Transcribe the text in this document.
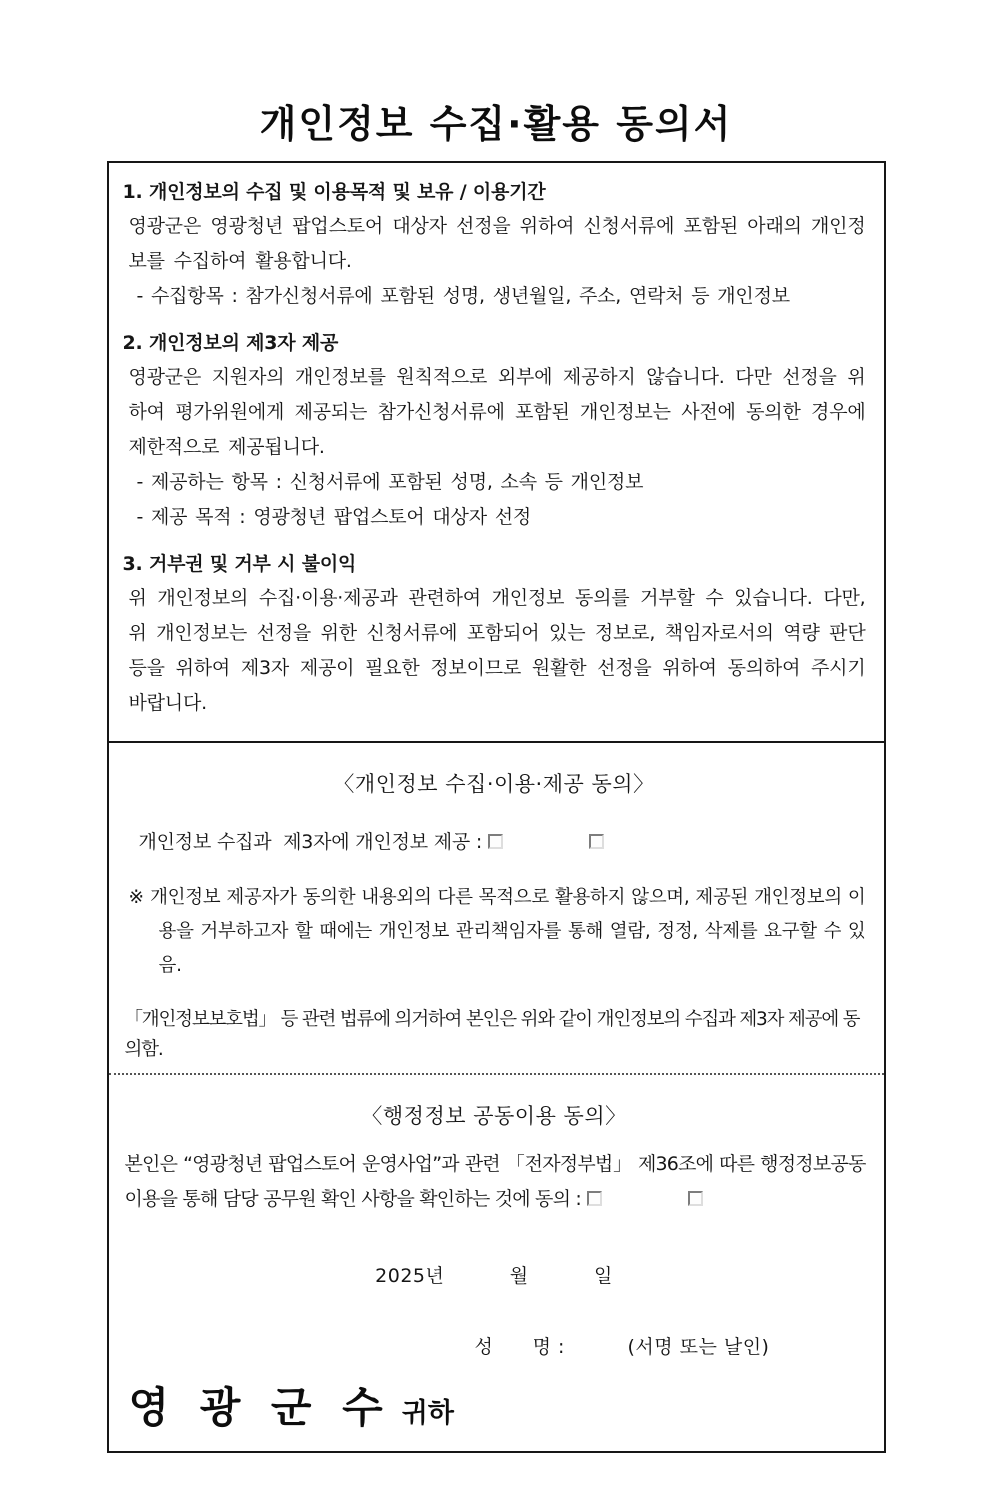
개인정보 수집·활용 동의서

1. 개인정보의 수집 및 이용목적 및 보유 / 이용기간

영광군은 영광청년 팝업스토어 대상자 선정을 위하여 신청서류에 포함된 아래의 개인정보를 수집하여 활용합니다.

- 수집항목 : 참가신청서류에 포함된 성명, 생년월일, 주소, 연락처 등 개인정보

2. 개인정보의 제3자 제공

영광군은 지원자의 개인정보를 원칙적으로 외부에 제공하지 않습니다. 다만 선정을 위하여 평가위원에게 제공되는 참가신청서류에 포함된 개인정보는 사전에 동의한 경우에 제한적으로 제공됩니다.

- 제공하는 항목 : 신청서류에 포함된 성명, 소속 등 개인정보

- 제공 목적 : 영광청년 팝업스토어 대상자 선정

3. 거부권 및 거부 시 불이익

위 개인정보의 수집·이용·제공과 관련하여 개인정보 동의를 거부할 수 있습니다. 다만, 위 개인정보는 선정을 위한 신청서류에 포함되어 있는 정보로, 책임자로서의 역량 판단 등을 위하여 제3자 제공이 필요한 정보이므로 원활한 선정을 위하여 동의하여 주시기 바랍니다.

〈개인정보 수집·이용·제공 동의〉
개인정보 수집과  제3자에 개인정보 제공 :

※ 개인정보 제공자가 동의한 내용외의 다른 목적으로 활용하지 않으며, 제공된 개인정보의 이용을 거부하고자 할 때에는 개인정보 관리책임자를 통해 열람, 정정, 삭제를 요구할 수 있음.

「개인정보보호법」 등 관련 법류에 의거하여 본인은 위와 같이 개인정보의 수집과 제3자 제공에 동의함.

〈행정정보 공동이용 동의〉

본인은 “영광청년 팝업스토어 운영사업”과 관련 「전자정부법」 제36조에 따른 행정정보공동이용을 통해 담당 공무원 확인 사항을 확인하는 것에 동의 :

2025년          월          일
성      명 :	(서명 또는 날인)
영 광 군 수 귀하
